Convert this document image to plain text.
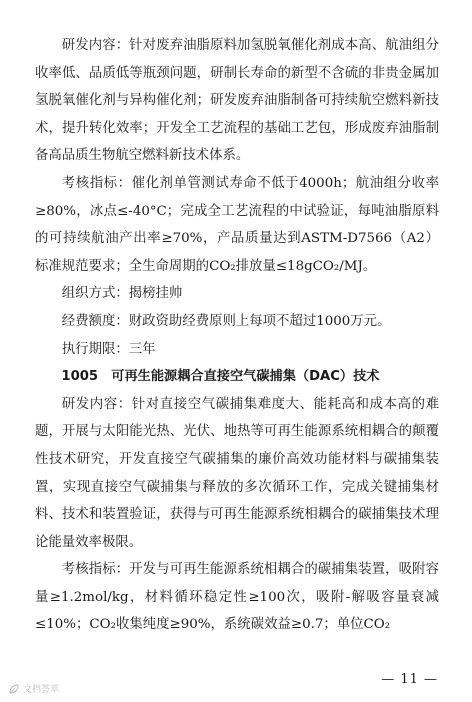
研发内容：针对废弃油脂原料加氢脱氧催化剂成本高、航油组分收率低、品质低等瓶颈问题，研制长寿命的新型不含硫的非贵金属加氢脱氧催化剂与异构催化剂；研发废弃油脂制备可持续航空燃料新技术，提升转化效率；开发全工艺流程的基础工艺包，形成废弃油脂制备高品质生物航空燃料新技术体系。

考核指标：催化剂单管测试寿命不低于4000h；航油组分收率≥80%，冰点≤-40°C；完成全工艺流程的中试验证，每吨油脂原料的可持续航油产出率≥70%，产品质量达到ASTM-D7566（A2）标准规范要求；全生命周期的CO₂排放量≤18gCO₂/MJ。

组织方式：揭榜挂帅

经费额度：财政资助经费原则上每项不超过1000万元。

执行期限：三年

1005　可再生能源耦合直接空气碳捕集（DAC）技术

研发内容：针对直接空气碳捕集难度大、能耗高和成本高的难题，开展与太阳能光热、光伏、地热等可再生能源系统相耦合的颠覆性技术研究，开发直接空气碳捕集的廉价高效功能材料与碳捕集装置，实现直接空气碳捕集与释放的多次循环工作，完成关键捕集材料、技术和装置验证，获得与可再生能源系统相耦合的碳捕集技术理论能量效率极限。

考核指标：开发与可再生能源系统相耦合的碳捕集装置，吸附容量≥1.2mol/kg，材料循环稳定性≥100次，吸附-解吸容量衰减≤10%；CO₂收集纯度≥90%，系统碳效益≥0.7；单位CO₂

— 11 —
文档荟萃
